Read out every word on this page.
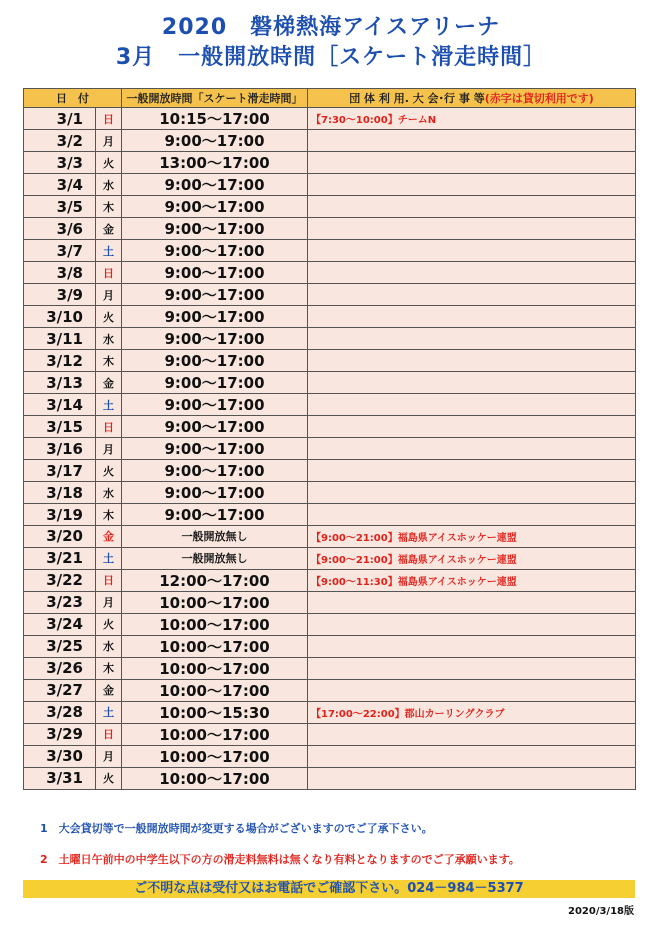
2020　磐梯熱海アイスアリーナ
3月　一般開放時間［スケート滑走時間］
日　付		一般開放時間「スケート滑走時間」	団 体 利 用. 大 会･行 事 等(赤字は貸切利用です)
3/1	日	10:15～17:00	【7:30～10:00】チームN
3/2	月	9:00～17:00	
3/3	火	13:00～17:00	
3/4	水	9:00～17:00	
3/5	木	9:00～17:00	
3/6	金	9:00～17:00	
3/7	土	9:00～17:00	
3/8	日	9:00～17:00	
3/9	月	9:00～17:00	
3/10	火	9:00～17:00	
3/11	水	9:00～17:00	
3/12	木	9:00～17:00	
3/13	金	9:00～17:00	
3/14	土	9:00～17:00	
3/15	日	9:00～17:00	
3/16	月	9:00～17:00	
3/17	火	9:00～17:00	
3/18	水	9:00～17:00	
3/19	木	9:00～17:00	
3/20	金	一般開放無し	【9:00～21:00】福島県アイスホッケー連盟
3/21	土	一般開放無し	【9:00～21:00】福島県アイスホッケー連盟
3/22	日	12:00～17:00	【9:00～11:30】福島県アイスホッケー連盟
3/23	月	10:00～17:00	
3/24	火	10:00～17:00	
3/25	水	10:00～17:00	
3/26	木	10:00～17:00	
3/27	金	10:00～17:00	
3/28	土	10:00～15:30	【17:00～22:00】郡山カーリングクラブ
3/29	日	10:00～17:00	
3/30	月	10:00～17:00	
3/31	火	10:00～17:00	
1　大会貸切等で一般開放時間が変更する場合がございますのでご了承下さい。
2　土曜日午前中の中学生以下の方の滑走料無料は無くなり有料となりますのでご了承願います。
ご不明な点は受付又はお電話でご確認下さい。024－984－5377
2020/3/18版
